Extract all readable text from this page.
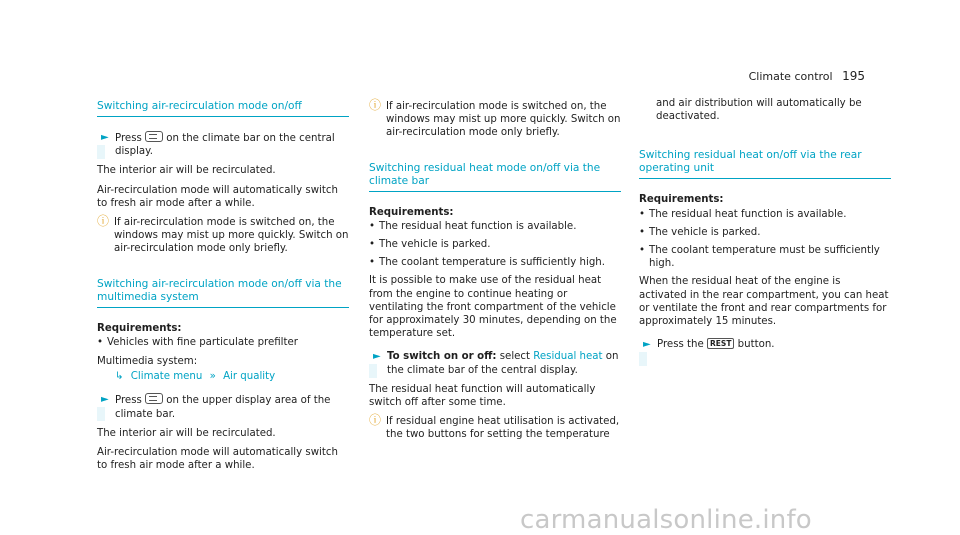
Climate control 195
Switching air-recirculation mode on/off
► Press  on the climate bar on the central display.
The interior air will be recirculated.
Air-recirculation mode will automatically switch to fresh air mode after a while.
ⓘ If air-recirculation mode is switched on, the windows may mist up more quickly. Switch on air-recirculation mode only briefly.
Switching air-recirculation mode on/off via the multimedia system
Requirements:
• Vehicles with fine particulate prefilter
Multimedia system:
↳ Climate menu » Air quality
► Press  on the upper display area of the climate bar.
The interior air will be recirculated.
Air-recirculation mode will automatically switch to fresh air mode after a while.
ⓘ If air-recirculation mode is switched on, the windows may mist up more quickly. Switch on air-recirculation mode only briefly.
Switching residual heat mode on/off via the climate bar
Requirements:
• The residual heat function is available.
• The vehicle is parked.
• The coolant temperature is sufficiently high.
It is possible to make use of the residual heat from the engine to continue heating or ventilating the front compartment of the vehicle for approximately 30 minutes, depending on the temperature set.
► To switch on or off: select Residual heat on the climate bar of the central display.
The residual heat function will automatically switch off after some time.
ⓘ If residual engine heat utilisation is activated, the two buttons for setting the temperature
and air distribution will automatically be deactivated.
Switching residual heat on/off via the rear operating unit
Requirements:
• The residual heat function is available.
• The vehicle is parked.
• The coolant temperature must be sufficiently high.
When the residual heat of the engine is activated in the rear compartment, you can heat or ventilate the front and rear compartments for approximately 15 minutes.
► Press the REST button.
carmanualsonline.info
